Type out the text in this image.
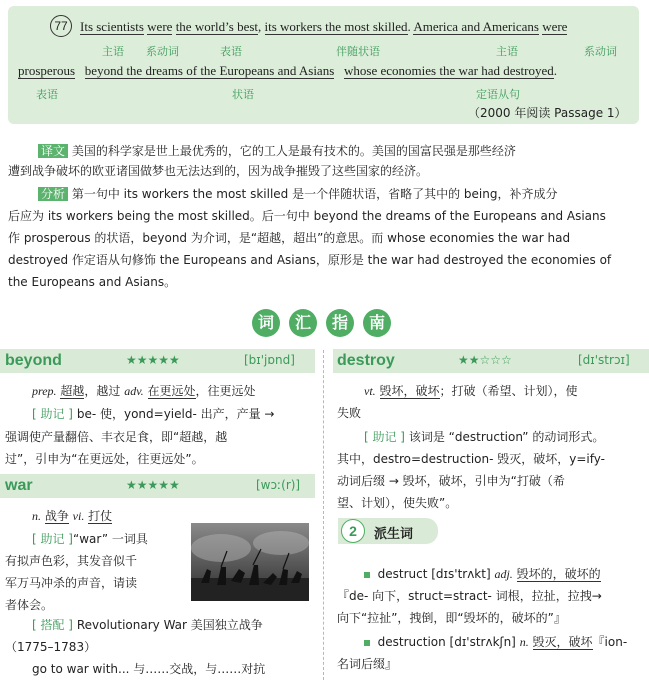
77 Its scientists were the world’s best, its workers the most skilled. America and Americans were
主语 系动词	表语	伴随状语	主语	系动词
prosperous beyond the dreams of the Europeans and Asians whose economies the war had destroyed.
表语	状语	定语从句
（2000 年阅读 Passage 1）
译文 美国的科学家是世上最优秀的，它的工人是最有技术的。美国的国富民强是那些经济
遭到战争破坏的欧亚诸国做梦也无法达到的，因为战争摧毁了这些国家的经济。
分析 第一句中 its workers the most skilled 是一个伴随状语，省略了其中的 being，补齐成分
后应为 its workers being the most skilled。后一句中 beyond the dreams of the Europeans and Asians
作 prosperous 的状语，beyond 为介词，是“超越，超出”的意思。而 whose economies the war had
destroyed 作定语从句修饰 the Europeans and Asians，原形是 the war had destroyed the economies of
the Europeans and Asians。
词	汇	指	南
beyond	★★★★★	[bɪ'jɒnd]
prep. 超越，越过 adv. 在更远处，往更远处
[ 助记 ] be- 使，yond=yield- 出产，产量 →
强调使产量翻倍、丰衣足食，即“超越，越
过”，引申为“在更远处，往更远处”。
war	★★★★★	[wɔː(r)]
n. 战争 vi. 打仗
[ 助记 ]“war” 一词具
有拟声色彩，其发音似千
军万马冲杀的声音，请读
者体会。
[ 搭配 ] Revolutionary War 美国独立战争
（1775–1783）
go to war with... 与……交战，与……对抗
destroy	★★☆☆☆	[dɪ'strɔɪ]
vt. 毁坏，破坏；打破（希望、计划），使
失败
[ 助记 ] 该词是 “destruction” 的动词形式。
其中，destro=destruction- 毁灭，破坏，y=ify-
动词后缀 → 毁坏，破坏，引申为“打破（希
望、计划），使失败”。
2	派生词
destruct [dɪs'trʌkt] adj. 毁坏的，破坏的
『de- 向下，struct=stract- 词根，拉扯，拉拽→
向下“拉扯”，拽倒，即“毁坏的，破坏的”』
destruction [dɪ'strʌkʃn] n. 毁灭，破坏『ion-
名词后缀』
